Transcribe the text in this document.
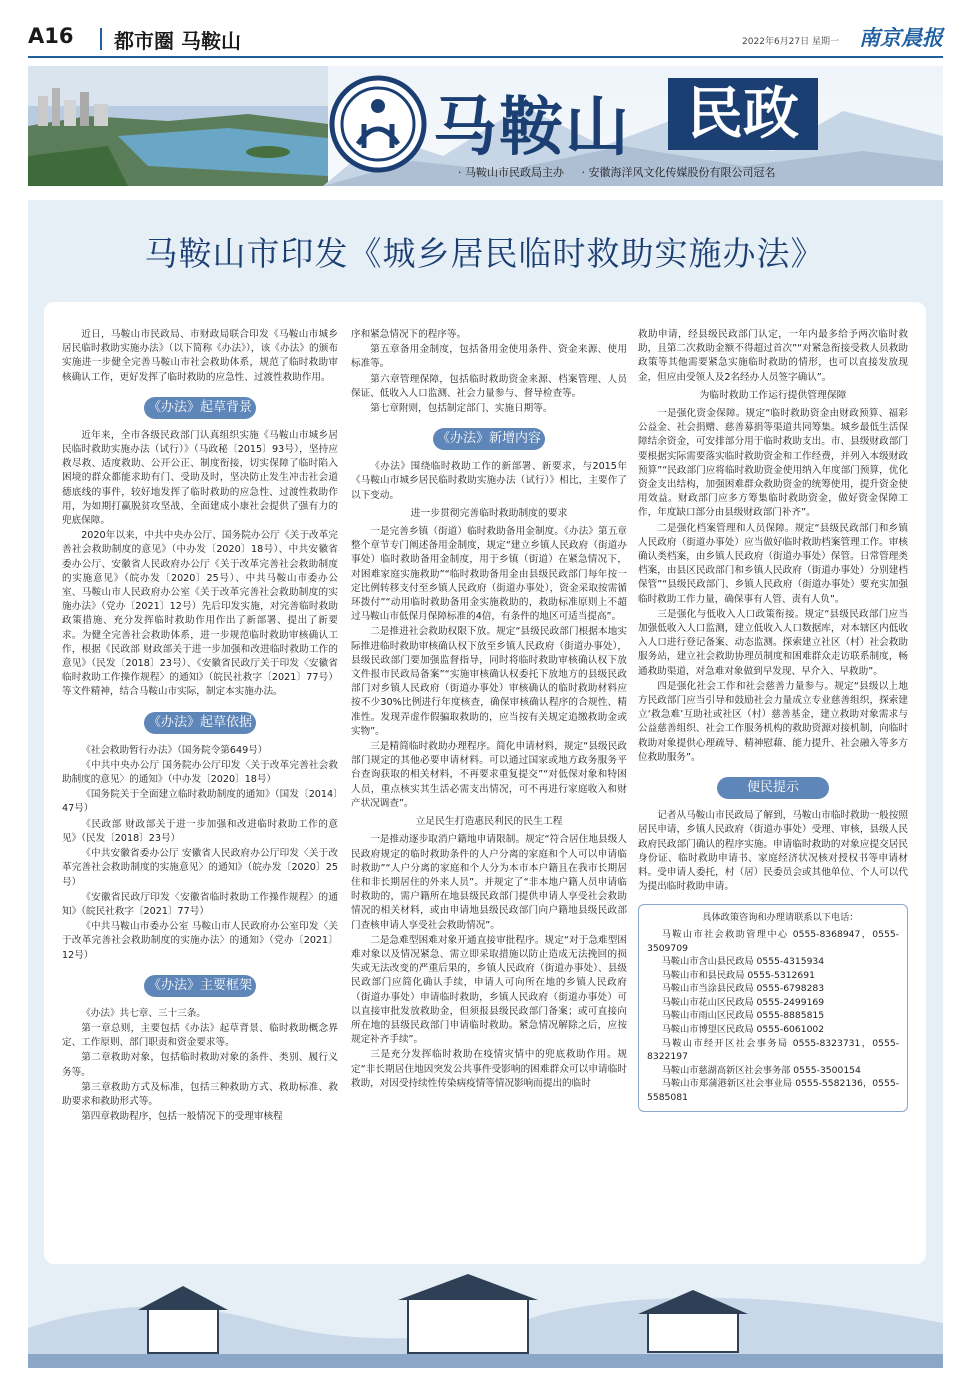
A16 都市圈 马鞍山	2022年6月27日 星期一 南京晨报
马鞍山	民政
· 马鞍山市民政局主办 · 安徽海洋风文化传媒股份有限公司冠名
马鞍山市印发《城乡居民临时救助实施办法》

近日，马鞍山市民政局、市财政局联合印发《马鞍山市城乡居民临时救助实施办法》（以下简称《办法》），该《办法》的颁布实施进一步健全完善马鞍山市社会救助体系，规范了临时救助审核确认工作，更好发挥了临时救助的应急性、过渡性救助作用。

《办法》起草背景

近年来，全市各级民政部门认真组织实施《马鞍山市城乡居民临时救助实施办法（试行）》（马政秘〔2015〕93号），坚持应救尽救、适度救助、公开公正、制度衔接，切实保障了临时陷入困境的群众都能求助有门、受助及时，坚决防止发生冲击社会道德底线的事件，较好地发挥了临时救助的应急性、过渡性救助作用，为如期打赢脱贫攻坚战、全面建成小康社会提供了强有力的兜底保障。

2020年以来，中共中央办公厅、国务院办公厅《关于改革完善社会救助制度的意见》（中办发〔2020〕18号）、中共安徽省委办公厅、安徽省人民政府办公厅《关于改革完善社会救助制度的实施意见》（皖办发〔2020〕25号）、中共马鞍山市委办公室、马鞍山市人民政府办公室《关于改革完善社会救助制度的实施办法》（党办〔2021〕12号）先后印发实施，对完善临时救助政策措施、充分发挥临时救助作用作出了新部署、提出了新要求。为健全完善社会救助体系，进一步规范临时救助审核确认工作，根据《民政部 财政部关于进一步加强和改进临时救助工作的意见》（民发〔2018〕23号）、《安徽省民政厅关于印发〈安徽省临时救助工作操作规程〉的通知》（皖民社救字〔2021〕77号）等文件精神，结合马鞍山市实际，制定本实施办法。

《办法》起草依据

《社会救助暂行办法》（国务院令第649号）

《中共中央办公厅 国务院办公厅印发〈关于改革完善社会救助制度的意见〉的通知》（中办发〔2020〕18号）

《国务院关于全面建立临时救助制度的通知》（国发〔2014〕47号）

《民政部 财政部关于进一步加强和改进临时救助工作的意见》（民发〔2018〕23号）

《中共安徽省委办公厅 安徽省人民政府办公厅印发〈关于改革完善社会救助制度的实施意见〉的通知》（皖办发〔2020〕25号）

《安徽省民政厅印发〈安徽省临时救助工作操作规程〉的通知》（皖民社救字〔2021〕77号）

《中共马鞍山市委办公室 马鞍山市人民政府办公室印发〈关于改革完善社会救助制度的实施办法〉的通知》（党办〔2021〕12号）

《办法》主要框架

《办法》共七章、三十三条。

第一章总则，主要包括《办法》起草背景、临时救助概念界定、工作原则、部门职责和资金要求等。

第二章救助对象，包括临时救助对象的条件、类别、履行义务等。

第三章救助方式及标准，包括三种救助方式、救助标准、救助要求和救助形式等。

第四章救助程序，包括一般情况下的受理审核程

序和紧急情况下的程序等。

第五章备用金制度，包括备用金使用条件、资金来源、使用标准等。

第六章管理保障，包括临时救助资金来源、档案管理、人员保证、低收入人口监测、社会力量参与、督导检查等。

第七章附则，包括制定部门、实施日期等。

《办法》新增内容

《办法》围绕临时救助工作的新部署、新要求，与2015年《马鞍山市城乡居民临时救助实施办法（试行）》相比，主要作了以下变动。

进一步贯彻完善临时救助制度的要求

一是完善乡镇（街道）临时救助备用金制度。《办法》第五章整个章节专门阐述备用金制度，规定“建立乡镇人民政府（街道办事处）临时救助备用金制度，用于乡镇（街道）在紧急情况下，对困难家庭实施救助”“临时救助备用金由县级民政部门每年按一定比例转移支付至乡镇人民政府（街道办事处），资金采取按需循环拨付”“动用临时救助备用金实施救助的，救助标准原则上不超过马鞍山市低保月保障标准的4倍，有条件的地区可适当提高”。

二是推进社会救助权限下放。规定“县级民政部门根据本地实际推进临时救助审核确认权下放至乡镇人民政府（街道办事处），县级民政部门要加强监督指导，同时将临时救助审核确认权下放文件报市民政局备案”“实施审核确认权委托下放地方的县级民政部门对乡镇人民政府（街道办事处）审核确认的临时救助材料应按不少30%比例进行年度核查，确保审核确认程序的合规性、精准性。发现弄虚作假骗取救助的，应当按有关规定追缴救助金或实物”。

三是精简临时救助办理程序。简化申请材料，规定“县级民政部门规定的其他必要申请材料。可以通过国家或地方政务服务平台查询获取的相关材料，不再要求重复提交”“对低保对象和特困人员，重点核实其生活必需支出情况，可不再进行家庭收入和财产状况调查”。

立足民生打造惠民利民的民生工程

一是推动逐步取消户籍地申请限制。规定“符合居住地县级人民政府规定的临时救助条件的人户分离的家庭和个人可以申请临时救助”“人户分离的家庭和个人分为本市本户籍且在我市长期居住和非长期居住的外来人员”。并规定了“非本地户籍人员申请临时救助的，需户籍所在地县级民政部门提供申请人享受社会救助情况的相关材料，或由申请地县级民政部门向户籍地县级民政部门查核申请人享受社会救助情况”。

二是急难型困难对象开通直接审批程序。规定“对于急难型困难对象以及情况紧急、需立即采取措施以防止造成无法挽回的损失或无法改变的严重后果的，乡镇人民政府（街道办事处）、县级民政部门应简化确认手续，申请人可向所在地的乡镇人民政府（街道办事处）申请临时救助，乡镇人民政府（街道办事处）可以直接审批发放救助金，但须报县级民政部门备案；或可直接向所在地的县级民政部门申请临时救助。紧急情况解除之后，应按规定补齐手续”。

三是充分发挥临时救助在疫情灾情中的兜底救助作用。规定“非长期居住地因突发公共事件受影响的困难群众可以申请临时救助，对因受持续性传染病疫情等情况影响而提出的临时

救助申请，经县级民政部门认定，一年内最多给予两次临时救助，且第二次救助金额不得超过首次”“对紧急衔接受救人员救助政策等其他需要紧急实施临时救助的情形，也可以直接发放现金，但应由受领人及2名经办人员签字确认”。

为临时救助工作运行提供管理保障

一是强化资金保障。规定“临时救助资金由财政预算、福彩公益金、社会捐赠、慈善募捐等渠道共同筹集。城乡最低生活保障结余资金，可安排部分用于临时救助支出。市、县级财政部门要根据实际需要落实临时救助资金和工作经费，并列入本级财政预算”“民政部门应将临时救助资金使用纳入年度部门预算，优化资金支出结构，加强困难群众救助资金的统筹使用，提升资金使用效益。财政部门应多方筹集临时救助资金，做好资金保障工作，年度缺口部分由县级财政部门补齐”。

二是强化档案管理和人员保障。规定“县级民政部门和乡镇人民政府（街道办事处）应当做好临时救助档案管理工作。审核确认类档案，由乡镇人民政府（街道办事处）保管。日常管理类档案，由县区民政部门和乡镇人民政府（街道办事处）分别建档保管”“县级民政部门、乡镇人民政府（街道办事处）要充实加强临时救助工作力量，确保事有人管、责有人负”。

三是强化与低收入人口政策衔接。规定“县级民政部门应当加强低收入人口监测，建立低收入人口数据库，对本辖区内低收入人口进行登记备案、动态监测。探索建立社区（村）社会救助服务站，建立社会救助协理员制度和困难群众走访联系制度，畅通救助渠道，对急难对象做到早发现、早介入、早救助”。

四是强化社会工作和社会慈善力量参与。规定“县级以上地方民政部门应当引导和鼓励社会力量成立专业慈善组织，探索建立‘救急难’互助社或社区（村）慈善基金，建立救助对象需求与公益慈善组织、社会工作服务机构的救助资源对接机制，向临时救助对象提供心理疏导、精神慰藉、能力提升、社会融入等多方位救助服务”。

便民提示

记者从马鞍山市民政局了解到，马鞍山市临时救助一般按照居民申请，乡镇人民政府（街道办事处）受理、审核，县级人民政府民政部门确认的程序实施。申请临时救助的对象应提交居民身份证、临时救助申请书、家庭经济状况核对授权书等申请材料。受申请人委托，村（居）民委员会或其他单位、个人可以代为提出临时救助申请。

具体政策咨询和办理请联系以下电话：
马鞍山市社会救助管理中心 0555-8368947，0555-3509709
马鞍山市含山县民政局 0555-4315934
马鞍山市和县民政局 0555-5312691
马鞍山市当涂县民政局 0555-6798283
马鞍山市花山区民政局 0555-2499169
马鞍山市雨山区民政局 0555-8885815
马鞍山市博望区民政局 0555-6061002
马鞍山市经开区社会事务局 0555-8323731，0555-8322197
马鞍山市慈湖高新区社会事务部 0555-3500154
马鞍山市郑蒲港新区社会事业局 0555-5582136，0555-5585081
